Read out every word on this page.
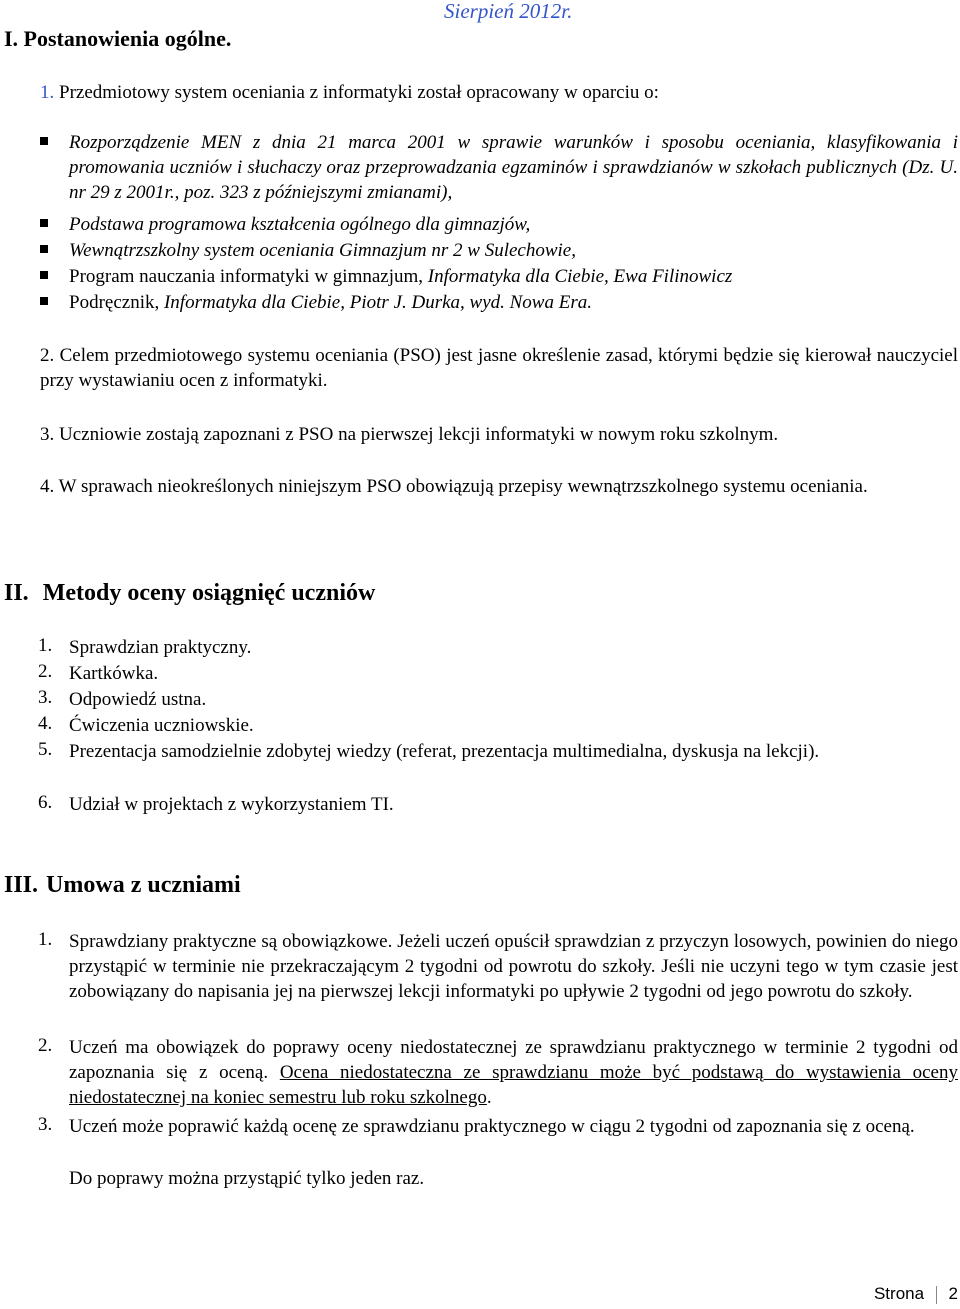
I. Postanowienia ogólne.
Sierpień 2012r.
1. Przedmiotowy system oceniania z informatyki został opracowany w oparciu o:
Rozporządzenie MEN z dnia 21 marca 2001 w sprawie warunków i sposobu oceniania, klasyfikowania i promowania uczniów i słuchaczy oraz przeprowadzania egzaminów i sprawdzianów w szkołach publicznych (Dz. U. nr 29 z 2001r., poz. 323 z późniejszymi zmianami),
Podstawa programowa kształcenia ogólnego dla gimnazjów,
Wewnątrzszkolny system oceniania Gimnazjum nr 2 w Sulechowie,
Program nauczania informatyki w gimnazjum, Informatyka dla Ciebie, Ewa Filinowicz
Podręcznik, Informatyka dla Ciebie, Piotr J. Durka, wyd. Nowa Era.
2. Celem przedmiotowego systemu oceniania (PSO) jest jasne określenie zasad, którymi będzie się kierował nauczyciel przy wystawianiu ocen z informatyki.
3. Uczniowie zostają zapoznani z PSO na pierwszej lekcji informatyki w nowym roku szkolnym.
4. W sprawach nieokreślonych niniejszym PSO obowiązują przepisy wewnątrzszkolnego systemu oceniania.
II. Metody oceny osiągnięć uczniów
1. Sprawdzian praktyczny.
2. Kartkówka.
3. Odpowiedź ustna.
4. Ćwiczenia uczniowskie.
5. Prezentacja samodzielnie zdobytej wiedzy (referat, prezentacja multimedialna, dyskusja na lekcji).
6. Udział w projektach z wykorzystaniem TI.
III. Umowa z uczniami
1. Sprawdziany praktyczne są obowiązkowe. Jeżeli uczeń opuścił sprawdzian z przyczyn losowych, powinien do niego przystąpić w terminie nie przekraczającym 2 tygodni od powrotu do szkoły. Jeśli nie uczyni tego w tym czasie jest zobowiązany do napisania jej na pierwszej lekcji informatyki po upływie 2 tygodni od jego powrotu do szkoły.
2. Uczeń ma obowiązek do poprawy oceny niedostatecznej ze sprawdzianu praktycznego w terminie 2 tygodni od zapoznania się z oceną. Ocena niedostateczna ze sprawdzianu może być podstawą do wystawienia oceny niedostatecznej na koniec semestru lub roku szkolnego.
3. Uczeń może poprawić każdą ocenę ze sprawdzianu praktycznego w ciągu 2 tygodni od zapoznania się z oceną.
Do poprawy można przystąpić tylko jeden raz.
Strona 2
